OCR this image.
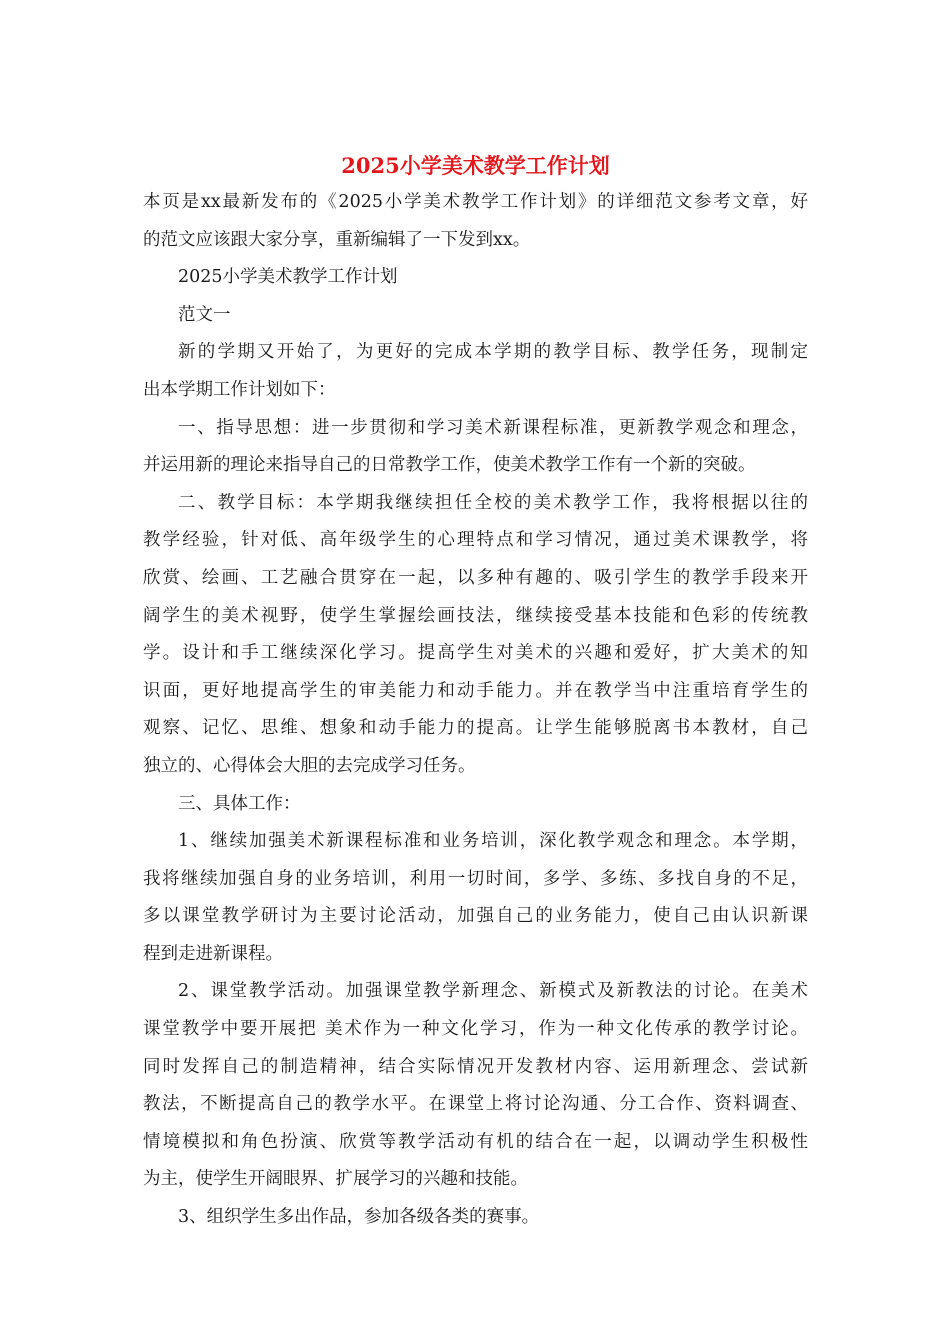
2025小学美术教学工作计划
本页是xx最新发布的《2025小学美术教学工作计划》的详细范文参考文章，好
的范文应该跟大家分享，重新编辑了一下发到xx。
2025小学美术教学工作计划
范文一
新的学期又开始了，为更好的完成本学期的教学目标、教学任务，现制定
出本学期工作计划如下：
一、指导思想：进一步贯彻和学习美术新课程标准，更新教学观念和理念，
并运用新的理论来指导自己的日常教学工作，使美术教学工作有一个新的突破。
二、教学目标：本学期我继续担任全校的美术教学工作，我将根据以往的
教学经验，针对低、高年级学生的心理特点和学习情况，通过美术课教学，将
欣赏、绘画、工艺融合贯穿在一起，以多种有趣的、吸引学生的教学手段来开
阔学生的美术视野，使学生掌握绘画技法，继续接受基本技能和色彩的传统教
学。设计和手工继续深化学习。提高学生对美术的兴趣和爱好，扩大美术的知
识面，更好地提高学生的审美能力和动手能力。并在教学当中注重培育学生的
观察、记忆、思维、想象和动手能力的提高。让学生能够脱离书本教材，自己
独立的、心得体会大胆的去完成学习任务。
三、具体工作：
1、继续加强美术新课程标准和业务培训，深化教学观念和理念。本学期，
我将继续加强自身的业务培训，利用一切时间，多学、多练、多找自身的不足，
多以课堂教学研讨为主要讨论活动，加强自己的业务能力，使自己由认识新课
程到走进新课程。
2、课堂教学活动。加强课堂教学新理念、新模式及新教法的讨论。在美术
课堂教学中要开展把 美术作为一种文化学习，作为一种文化传承的教学讨论。
同时发挥自己的制造精神，结合实际情况开发教材内容、运用新理念、尝试新
教法，不断提高自己的教学水平。在课堂上将讨论沟通、分工合作、资料调查、
情境模拟和角色扮演、欣赏等教学活动有机的结合在一起，以调动学生积极性
为主，使学生开阔眼界、扩展学习的兴趣和技能。
3、组织学生多出作品，参加各级各类的赛事。
